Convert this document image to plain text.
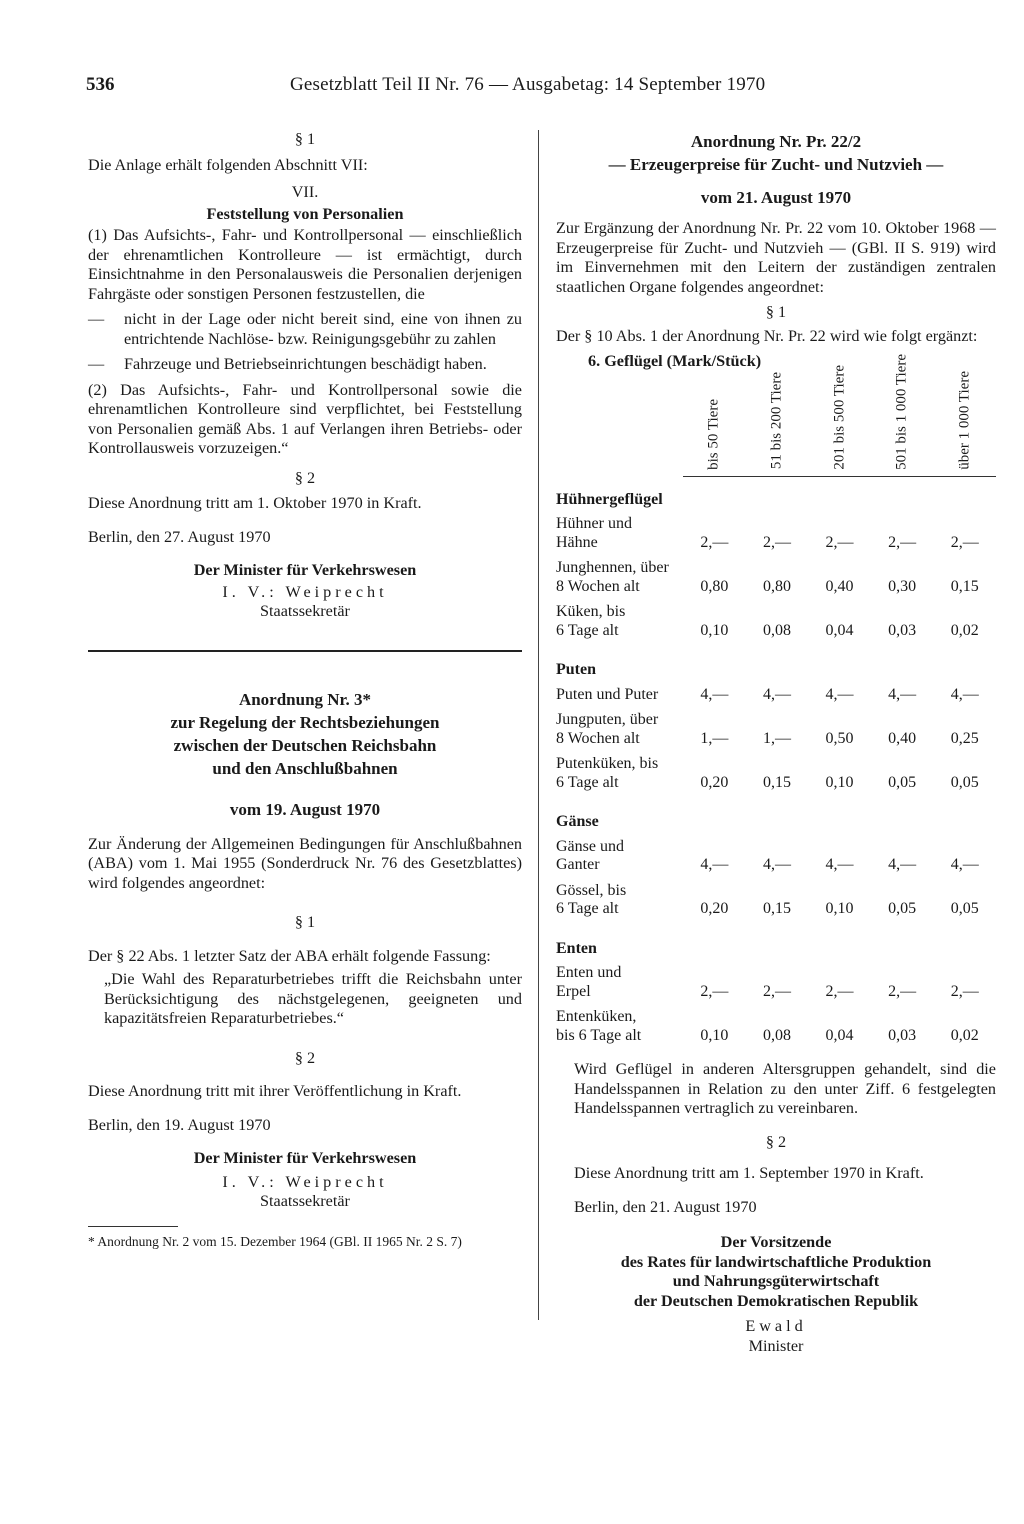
536	Gesetzblatt Teil II Nr. 76 — Ausgabetag: 14 September 1970

§ 1

Die Anlage erhält folgenden Abschnitt VII:

VII.

Feststellung von Personalien

(1) Das Aufsichts-, Fahr- und Kontrollpersonal — einschließlich der ehrenamtlichen Kontrolleure — ist ermächtigt, durch Einsichtnahme in den Personalausweis die Personalien derjenigen Fahrgäste oder sonstigen Personen festzustellen, die

— nicht in der Lage oder nicht bereit sind, eine von ihnen zu entrichtende Nachlöse- bzw. Reinigungsgebühr zu zahlen

— Fahrzeuge und Betriebseinrichtungen beschädigt haben.

(2) Das Aufsichts-, Fahr- und Kontrollpersonal sowie die ehrenamtlichen Kontrolleure sind verpflichtet, bei Feststellung von Personalien gemäß Abs. 1 auf Verlangen ihren Betriebs- oder Kontrollausweis vorzuzeigen.“

§ 2

Diese Anordnung tritt am 1. Oktober 1970 in Kraft.

Berlin, den 27. August 1970

Der Minister für Verkehrswesen

I. V.: Weiprecht

Staatssekretär

Anordnung Nr. 3*

zur Regelung der Rechtsbeziehungen

zwischen der Deutschen Reichsbahn

und den Anschlußbahnen

vom 19. August 1970

Zur Änderung der Allgemeinen Bedingungen für Anschlußbahnen (ABA) vom 1. Mai 1955 (Sonderdruck Nr. 76 des Gesetzblattes) wird folgendes angeordnet:

§ 1

Der § 22 Abs. 1 letzter Satz der ABA erhält folgende Fassung:

„Die Wahl des Reparaturbetriebes trifft die Reichsbahn unter Berücksichtigung des nächstgelegenen, geeigneten und kapazitätsfreien Reparaturbetriebes.“

§ 2

Diese Anordnung tritt mit ihrer Veröffentlichung in Kraft.

Berlin, den 19. August 1970

Der Minister für Verkehrswesen

I. V.: Weiprecht

Staatssekretär

* Anordnung Nr. 2 vom 15. Dezember 1964 (GBl. II 1965 Nr. 2 S. 7)

Anordnung Nr. Pr. 22/2

— Erzeugerpreise für Zucht- und Nutzvieh —

vom 21. August 1970

Zur Ergänzung der Anordnung Nr. Pr. 22 vom 10. Oktober 1968 — Erzeugerpreise für Zucht- und Nutzvieh — (GBl. II S. 919) wird im Einvernehmen mit den Leitern der zuständigen zentralen staatlichen Organe folgendes angeordnet:

§ 1

Der § 10 Abs. 1 der Anordnung Nr. Pr. 22 wird wie folgt ergänzt:

6. Geflügel (Mark/Stück)

	bis 50 Tiere	51 bis 200 Tiere	201 bis 500 Tiere	501 bis 1 000 Tiere	über 1 000 Tiere

Hühnergeflügel					

Hühner und
Hähne	2,—	2,—	2,—	2,—	2,—

Junghennen, über
8 Wochen alt	0,80	0,80	0,40	0,30	0,15

Küken, bis
6 Tage alt	0,10	0,08	0,04	0,03	0,02
Puten					

Puten und Puter	4,—	4,—	4,—	4,—	4,—

Jungputen, über
8 Wochen alt	1,—	1,—	0,50	0,40	0,25

Putenküken, bis
6 Tage alt	0,20	0,15	0,10	0,05	0,05
Gänse					

Gänse und
Ganter	4,—	4,—	4,—	4,—	4,—

Gössel, bis
6 Tage alt	0,20	0,15	0,10	0,05	0,05
Enten					

Enten und
Erpel	2,—	2,—	2,—	2,—	2,—

Entenküken,
bis 6 Tage alt	0,10	0,08	0,04	0,03	0,02

Wird Geflügel in anderen Altersgruppen gehandelt, sind die Handelsspannen in Relation zu den unter Ziff. 6 festgelegten Handelsspannen vertraglich zu vereinbaren.

§ 2

Diese Anordnung tritt am 1. September 1970 in Kraft.

Berlin, den 21. August 1970

Der Vorsitzende

des Rates für landwirtschaftliche Produktion

und Nahrungsgüterwirtschaft

der Deutschen Demokratischen Republik

Ewald

Minister
